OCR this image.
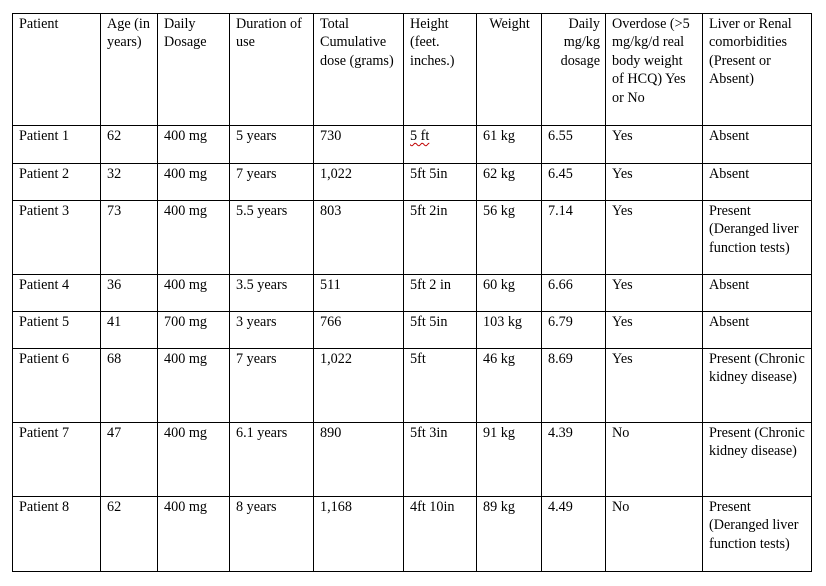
Patient	Age (in years)	Daily Dosage	Duration of use	Total Cumulative dose (grams)	Height (feet. inches.)	Weight	Daily mg/kg dosage	Overdose (>5 mg/kg/d real body weight of HCQ) Yes or No	Liver or Renal comorbidities (Present or Absent)
Patient 1	62	400 mg	5 years	730	5 ft	61 kg	6.55	Yes	Absent
Patient 2	32	400 mg	7 years	1,022	5ft 5in	62 kg	6.45	Yes	Absent
Patient 3	73	400 mg	5.5 years	803	5ft 2in	56 kg	7.14	Yes	Present (Deranged liver function tests)
Patient 4	36	400 mg	3.5 years	511	5ft 2 in	60 kg	6.66	Yes	Absent
Patient 5	41	700 mg	3 years	766	5ft 5in	103 kg	6.79	Yes	Absent
Patient 6	68	400 mg	7 years	1,022	5ft	46 kg	8.69	Yes	Present (Chronic kidney disease)
Patient 7	47	400 mg	6.1 years	890	5ft 3in	91 kg	4.39	No	Present (Chronic kidney disease)
Patient 8	62	400 mg	8 years	1,168	4ft 10in	89 kg	4.49	No	Present (Deranged liver function tests)
